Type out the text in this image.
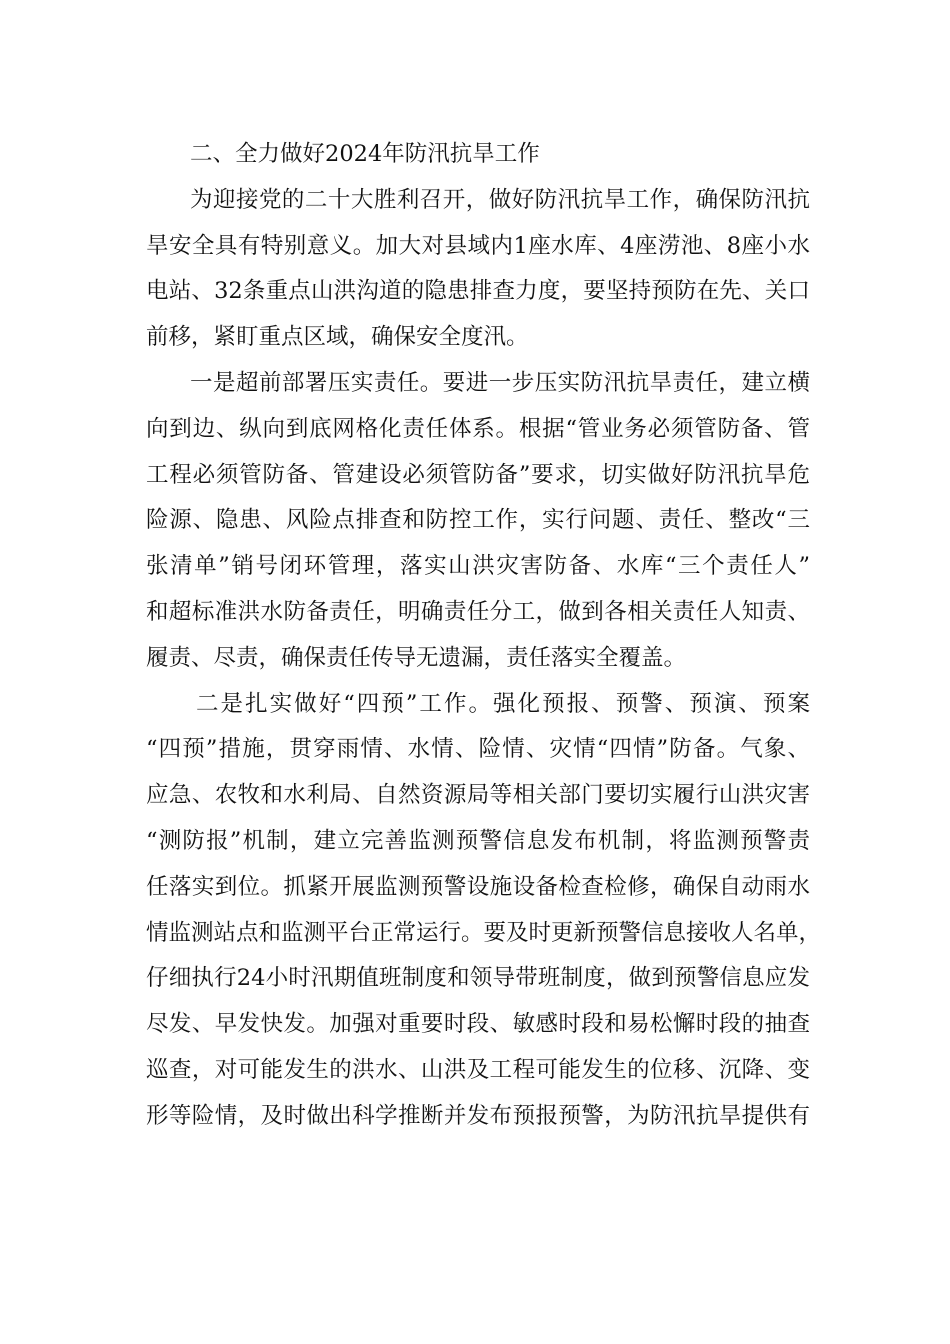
二、全力做好2024年防汛抗旱工作
为迎接党的二十大胜利召开，做好防汛抗旱工作，确保防汛抗
旱安全具有特别意义。加大对县域内1座水库、4座涝池、8座小水
电站、32条重点山洪沟道的隐患排查力度，要坚持预防在先、关口
前移，紧盯重点区域，确保安全度汛。
一是超前部署压实责任。要进一步压实防汛抗旱责任，建立横
向到边、纵向到底网格化责任体系。根据“管业务必须管防备、管
工程必须管防备、管建设必须管防备”要求，切实做好防汛抗旱危
险源、隐患、风险点排查和防控工作，实行问题、责任、整改“三
张清单”销号闭环管理，落实山洪灾害防备、水库“三个责任人”
和超标准洪水防备责任，明确责任分工，做到各相关责任人知责、
履责、尽责，确保责任传导无遗漏，责任落实全覆盖。
二是扎实做好“四预”工作。强化预报、预警、预演、预案
“四预”措施，贯穿雨情、水情、险情、灾情“四情”防备。气象、
应急、农牧和水利局、自然资源局等相关部门要切实履行山洪灾害
“测防报”机制，建立完善监测预警信息发布机制，将监测预警责
任落实到位。抓紧开展监测预警设施设备检查检修，确保自动雨水
情监测站点和监测平台正常运行。要及时更新预警信息接收人名单，
仔细执行24小时汛期值班制度和领导带班制度，做到预警信息应发
尽发、早发快发。加强对重要时段、敏感时段和易松懈时段的抽查
巡查，对可能发生的洪水、山洪及工程可能发生的位移、沉降、变
形等险情，及时做出科学推断并发布预报预警，为防汛抗旱提供有
